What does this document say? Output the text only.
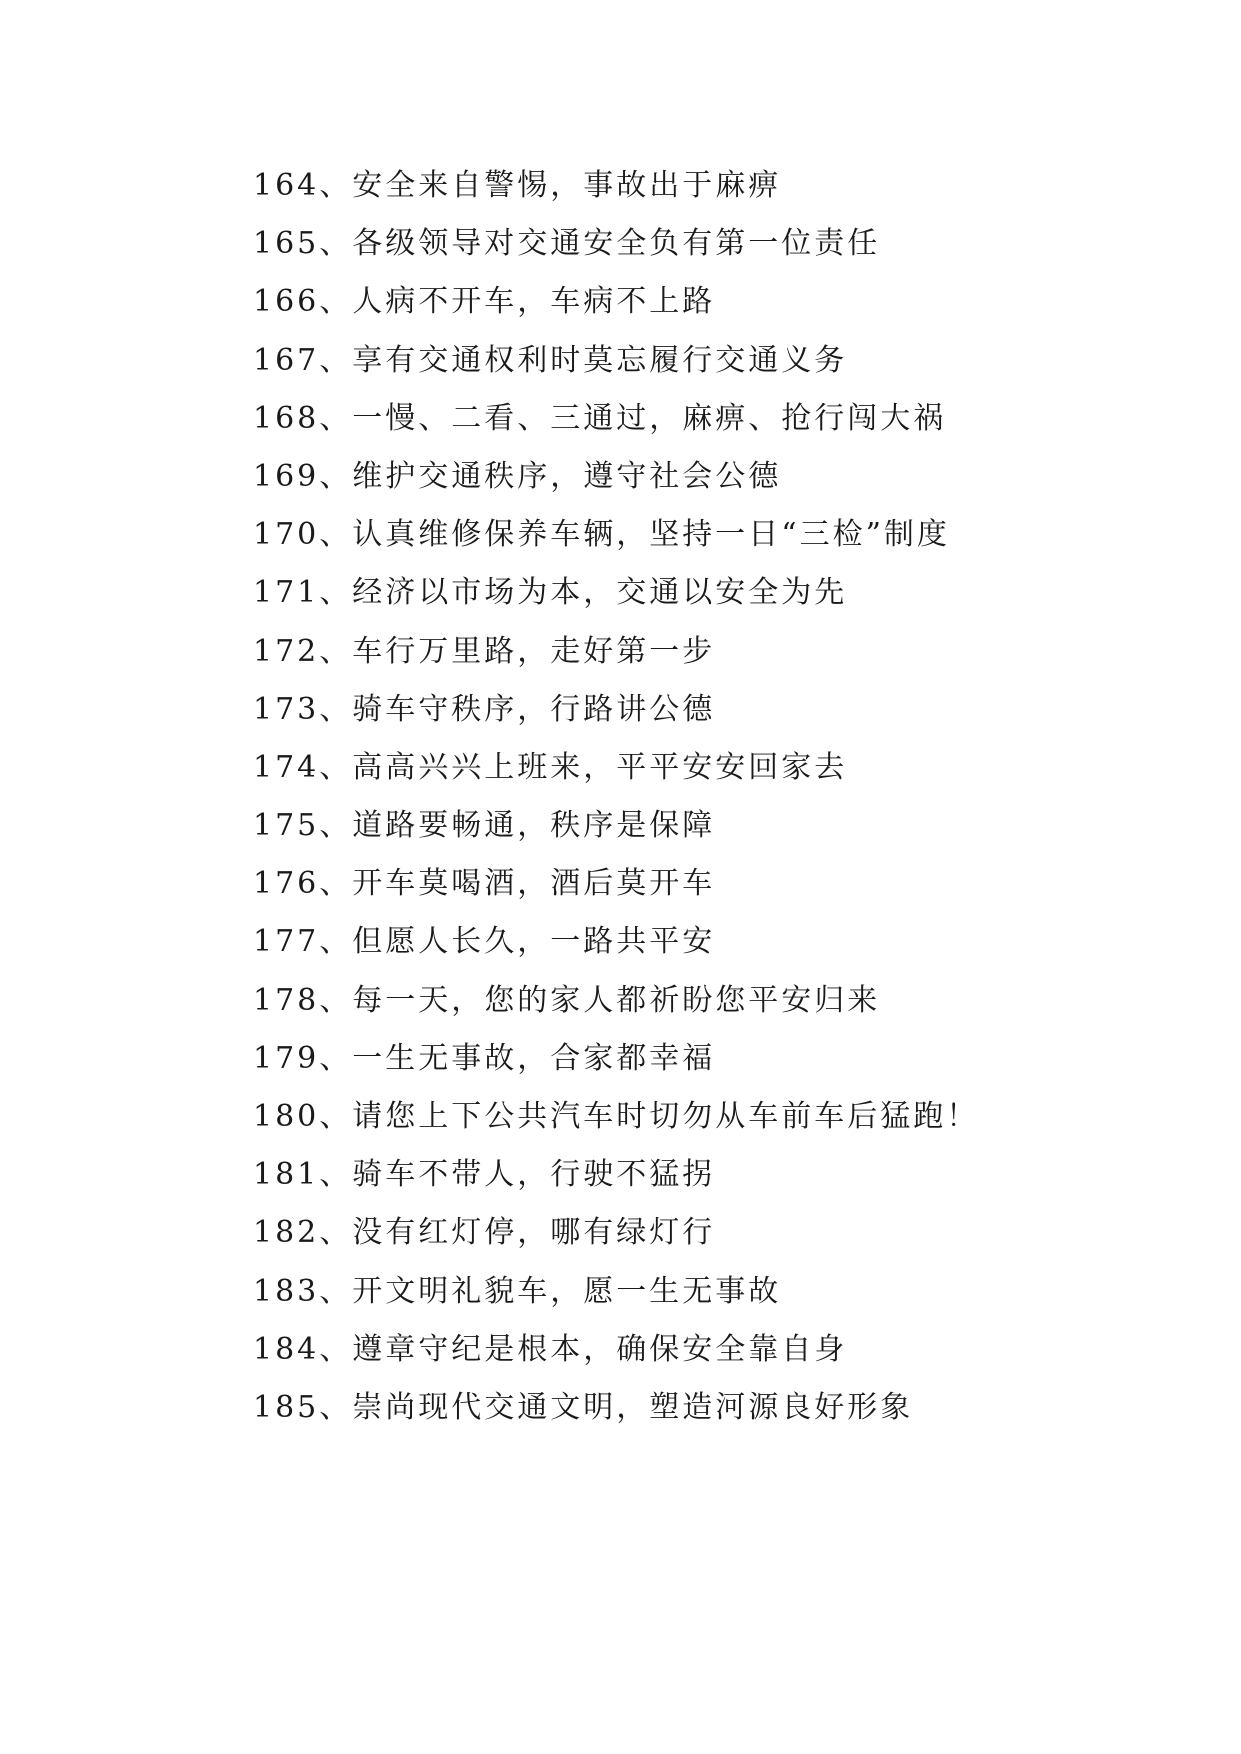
164、安全来自警惕，事故出于麻痹
165、各级领导对交通安全负有第一位责任
166、人病不开车，车病不上路
167、享有交通权利时莫忘履行交通义务
168、一慢、二看、三通过，麻痹、抢行闯大祸
169、维护交通秩序，遵守社会公德
170、认真维修保养车辆，坚持一日“三检”制度
171、经济以市场为本，交通以安全为先
172、车行万里路，走好第一步
173、骑车守秩序，行路讲公德
174、高高兴兴上班来，平平安安回家去
175、道路要畅通，秩序是保障
176、开车莫喝酒，酒后莫开车
177、但愿人长久，一路共平安
178、每一天，您的家人都祈盼您平安归来
179、一生无事故，合家都幸福
180、请您上下公共汽车时切勿从车前车后猛跑！
181、骑车不带人，行驶不猛拐
182、没有红灯停，哪有绿灯行
183、开文明礼貌车，愿一生无事故
184、遵章守纪是根本，确保安全靠自身
185、崇尚现代交通文明，塑造河源良好形象
